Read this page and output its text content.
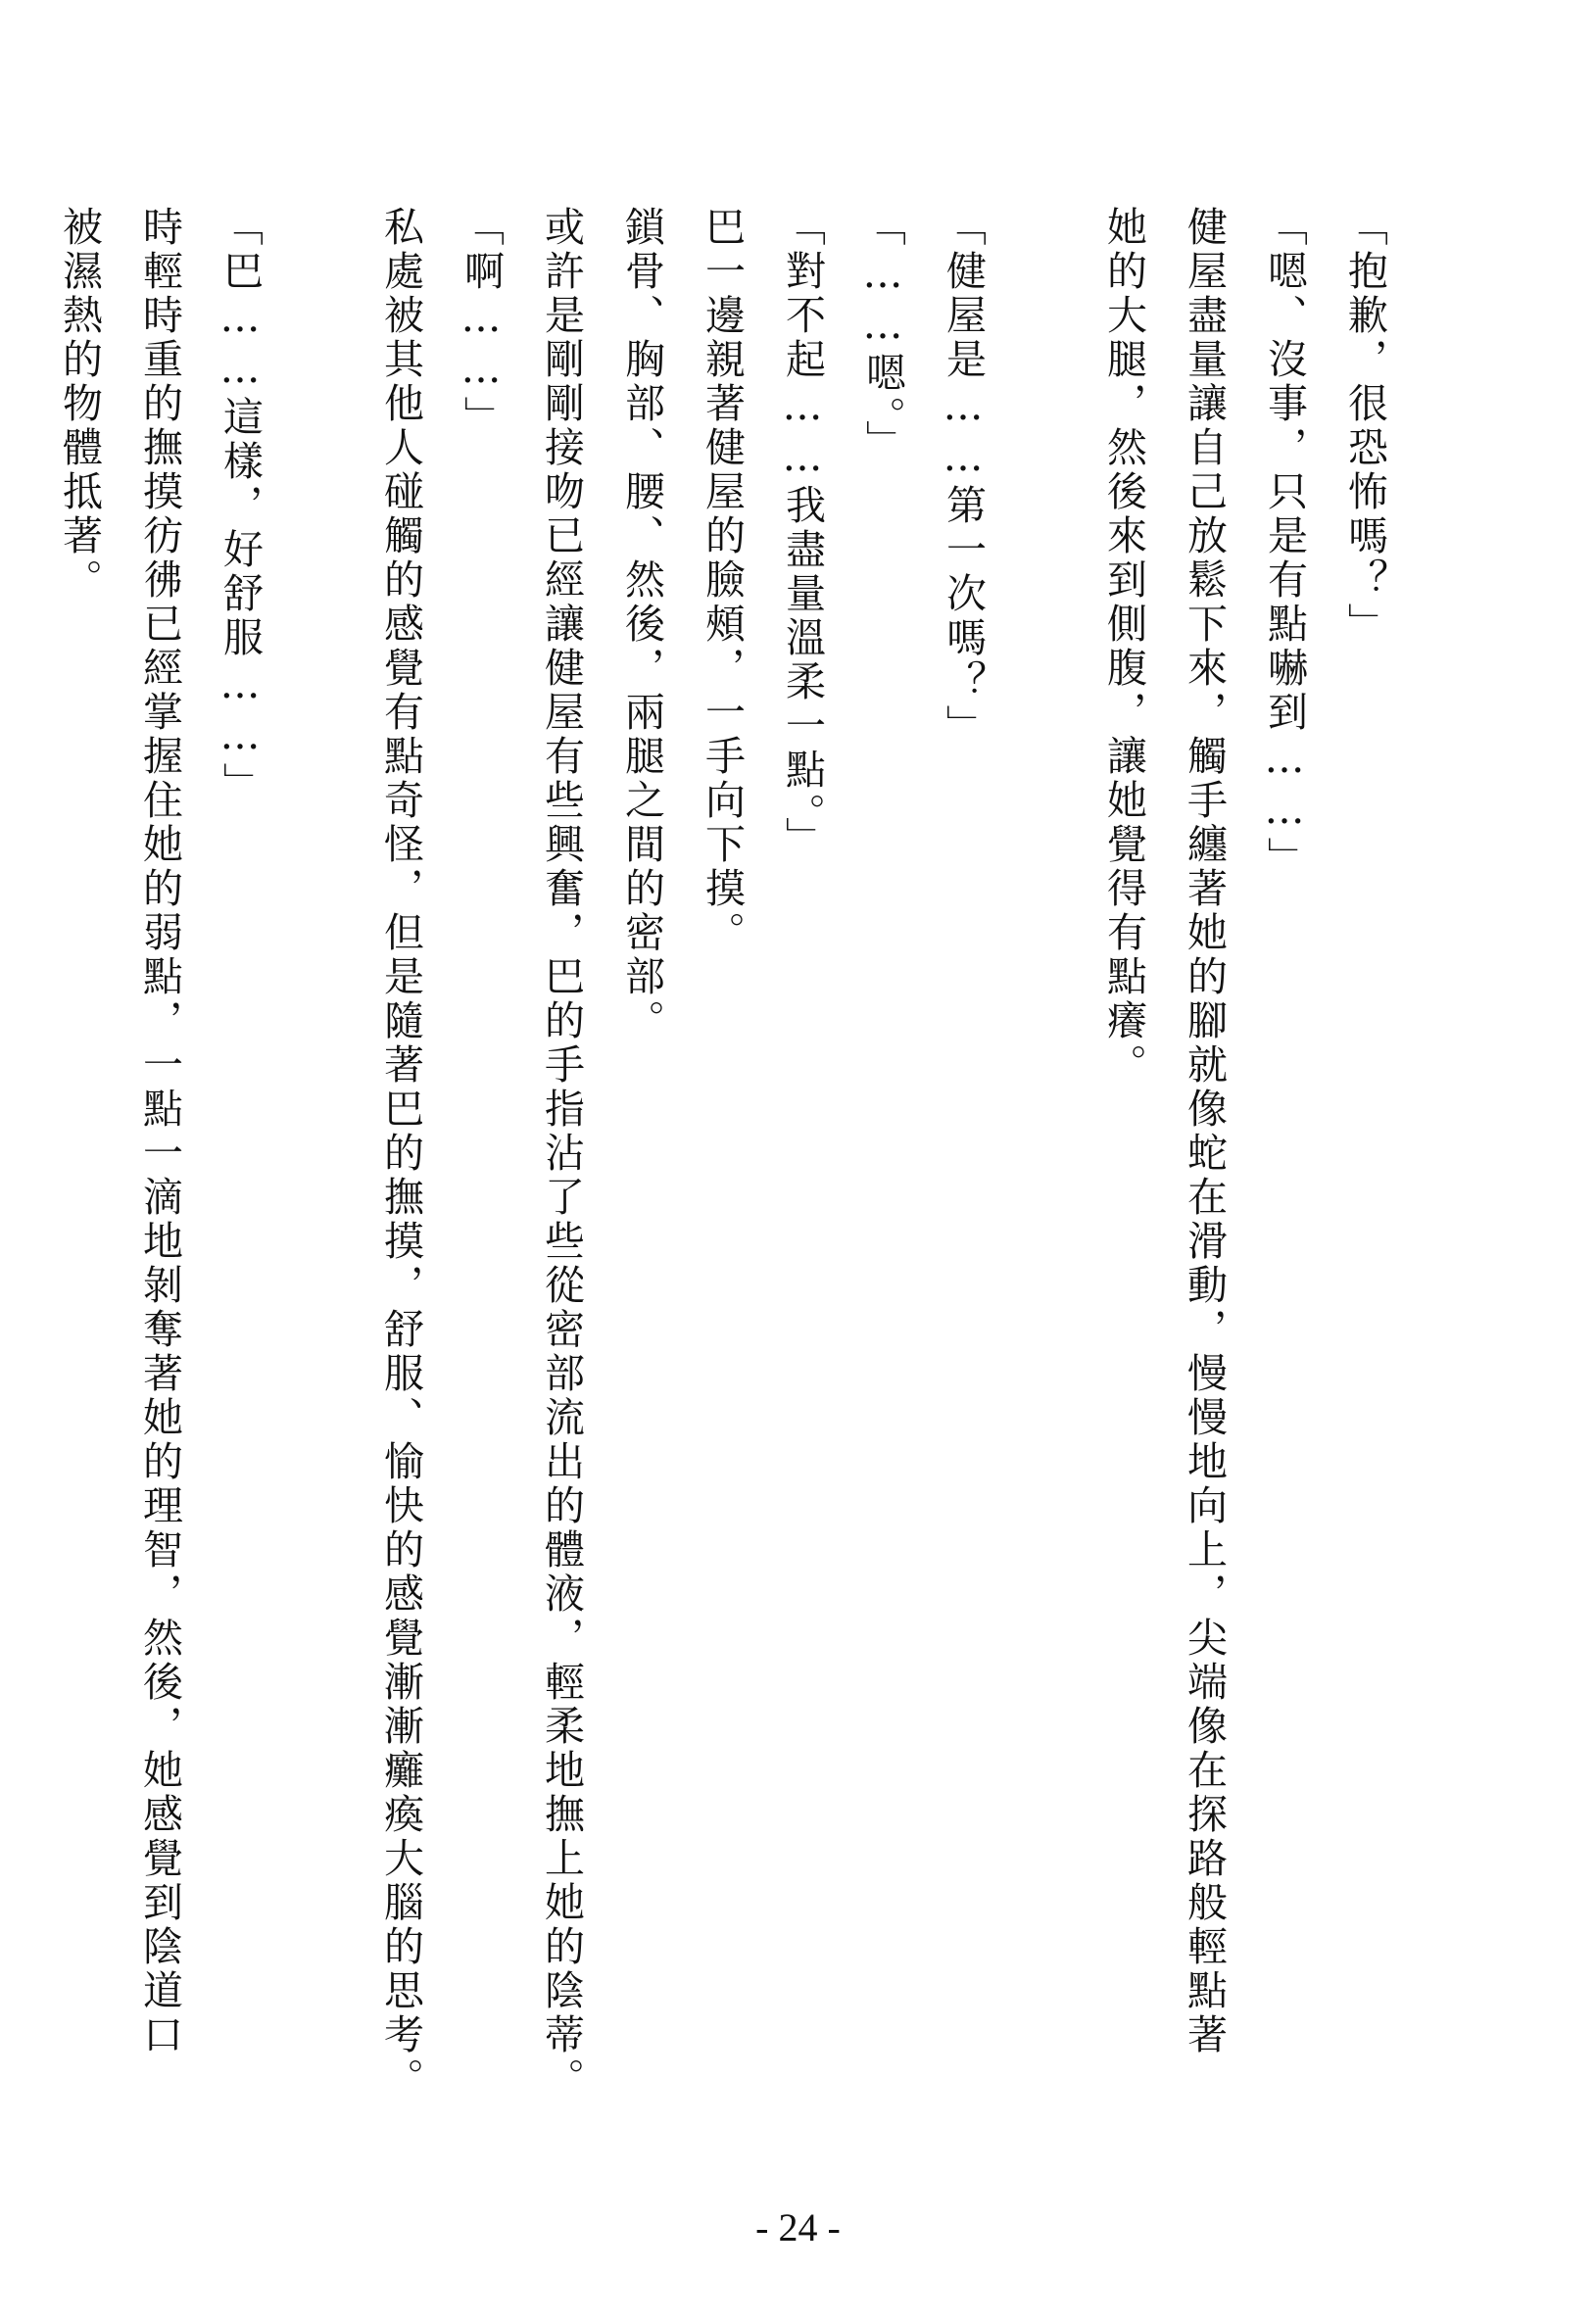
「抱歉，很恐怖嗎？」

「嗯、沒事，只是有點嚇到……」

健屋盡量讓自己放鬆下來，觸手纏著她的腳就像蛇在滑動，慢慢地向上，尖端像在探路般輕點著

她的大腿，然後來到側腹，讓她覺得有點癢。

「健屋是……第一次嗎？」

「……嗯。」

「對不起……我盡量溫柔一點。」

巴一邊親著健屋的臉頰，一手向下摸。

鎖骨、胸部、腰、然後，兩腿之間的密部。

或許是剛剛接吻已經讓健屋有些興奮，巴的手指沾了些從密部流出的體液，輕柔地撫上她的陰蒂。

「啊……」

私處被其他人碰觸的感覺有點奇怪，但是隨著巴的撫摸，舒服、愉快的感覺漸漸癱瘓大腦的思考。

「巴……這樣，好舒服……」

時輕時重的撫摸彷彿已經掌握住她的弱點，一點一滴地剝奪著她的理智，然後，她感覺到陰道口

被濕熱的物體抵著。

- 24 -
